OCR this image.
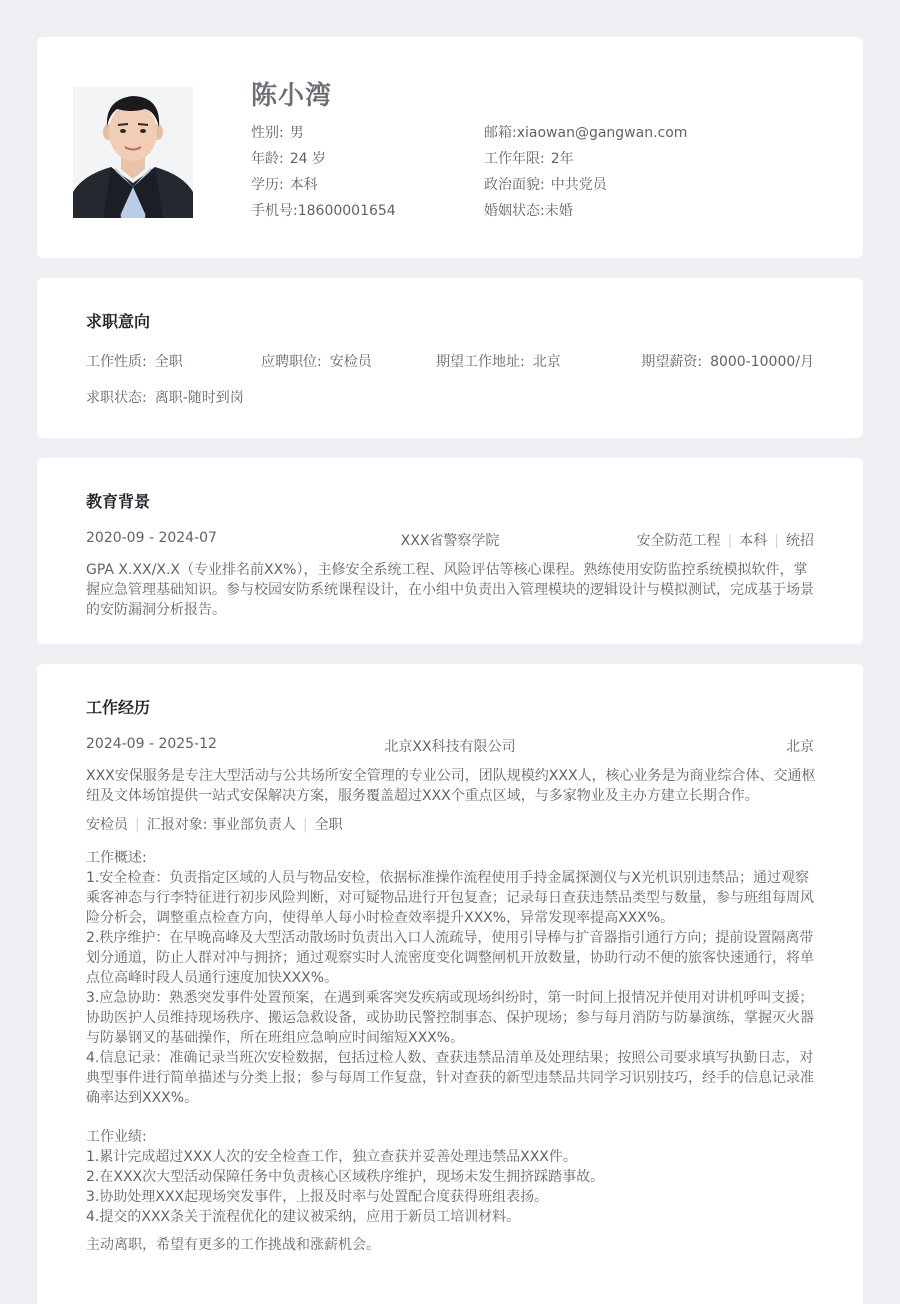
陈小湾
性别: 男
年龄: 24 岁
学历: 本科
手机号:18600001654
邮箱:xiaowan@gangwan.com
工作年限: 2年
政治面貌: 中共党员
婚姻状态:未婚
求职意向
工作性质: 全职	应聘职位: 安检员	期望工作地址: 北京	期望薪资: 8000-10000/月
求职状态: 离职-随时到岗
教育背景
2020-09 - 2024-07	XXX省警察学院	安全防范工程 | 本科 | 统招
GPA X.XX/X.X（专业排名前XX%），主修安全系统工程、风险评估等核心课程。熟练使用安防监控系统模拟软件，掌握应急管理基础知识。参与校园安防系统课程设计，在小组中负责出入管理模块的逻辑设计与模拟测试，完成基于场景的安防漏洞分析报告。
工作经历
2024-09 - 2025-12	北京XX科技有限公司	北京
XXX安保服务是专注大型活动与公共场所安全管理的专业公司，团队规模约XXX人，核心业务是为商业综合体、交通枢纽及文体场馆提供一站式安保解决方案，服务覆盖超过XXX个重点区域，与多家物业及主办方建立长期合作。
安检员 | 汇报对象: 事业部负责人 | 全职
工作概述:
1.安全检查：负责指定区域的人员与物品安检，依据标准操作流程使用手持金属探测仪与X光机识别违禁品；通过观察乘客神态与行李特征进行初步风险判断，对可疑物品进行开包复查；记录每日查获违禁品类型与数量，参与班组每周风险分析会，调整重点检查方向，使得单人每小时检查效率提升XXX%，异常发现率提高XXX%。
2.秩序维护：在早晚高峰及大型活动散场时负责出入口人流疏导，使用引导棒与扩音器指引通行方向；提前设置隔离带划分通道，防止人群对冲与拥挤；通过观察实时人流密度变化调整闸机开放数量，协助行动不便的旅客快速通行，将单点位高峰时段人员通行速度加快XXX%。
3.应急协助：熟悉突发事件处置预案，在遇到乘客突发疾病或现场纠纷时，第一时间上报情况并使用对讲机呼叫支援；协助医护人员维持现场秩序、搬运急救设备，或协助民警控制事态、保护现场；参与每月消防与防暴演练，掌握灭火器与防暴钢叉的基础操作，所在班组应急响应时间缩短XXX%。
4.信息记录：准确记录当班次安检数据，包括过检人数、查获违禁品清单及处理结果；按照公司要求填写执勤日志，对典型事件进行简单描述与分类上报；参与每周工作复盘，针对查获的新型违禁品共同学习识别技巧，经手的信息记录准确率达到XXX%。
工作业绩:
1.累计完成超过XXX人次的安全检查工作，独立查获并妥善处理违禁品XXX件。
2.在XXX次大型活动保障任务中负责核心区域秩序维护，现场未发生拥挤踩踏事故。
3.协助处理XXX起现场突发事件，上报及时率与处置配合度获得班组表扬。
4.提交的XXX条关于流程优化的建议被采纳，应用于新员工培训材料。
主动离职，希望有更多的工作挑战和涨薪机会。
